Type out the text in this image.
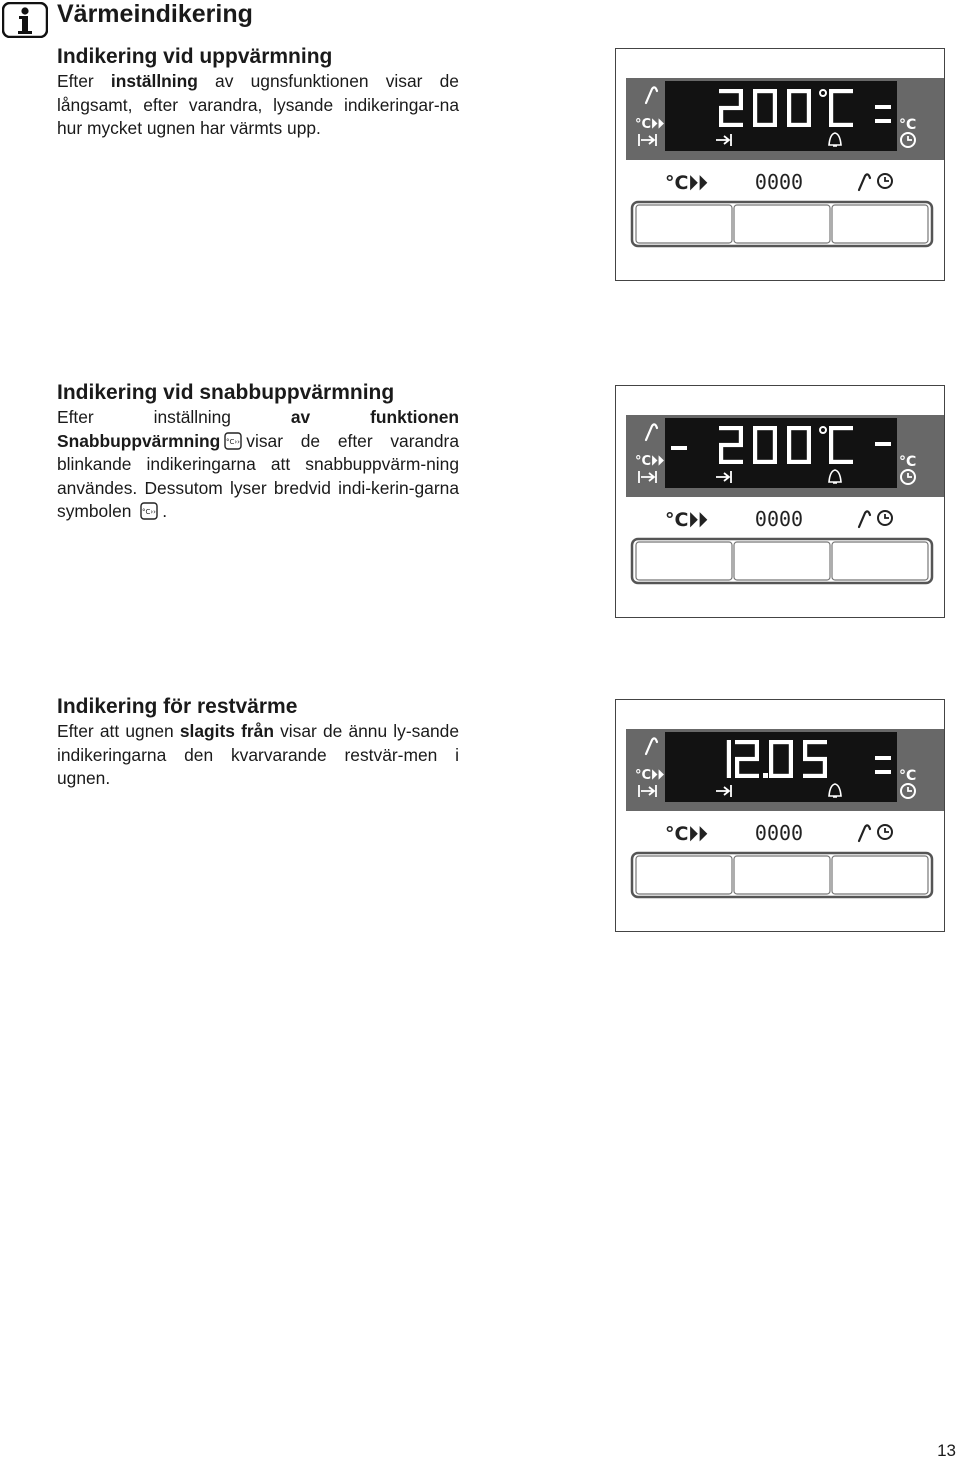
Värmeindikering
Indikering vid uppvärmning

Efter inställning av ugnsfunktionen visar de långsamt, efter varandra, lysande indikeringar-na hur mycket ugnen har värmts upp.

Indikering vid snabbuppvärmning

Efter inställning av funktionen Snabbuppvärmning °C›› visar de efter varandra blinkande indikeringarna att snabbuppvärm-ning användes. Dessutom lyser bredvid indi-kerin-garna symbolen °C›› .

Indikering för restvärme

Efter att ugnen slagits från visar de ännu ly-sande indikeringarna den kvarvarande restvär-men i ugnen.

°C⏵⏵	°C
°C⏵⏵ 0000
°C⏵⏵	°C
°C⏵⏵ 0000
°C⏵⏵	°C
°C⏵⏵ 0000
13
